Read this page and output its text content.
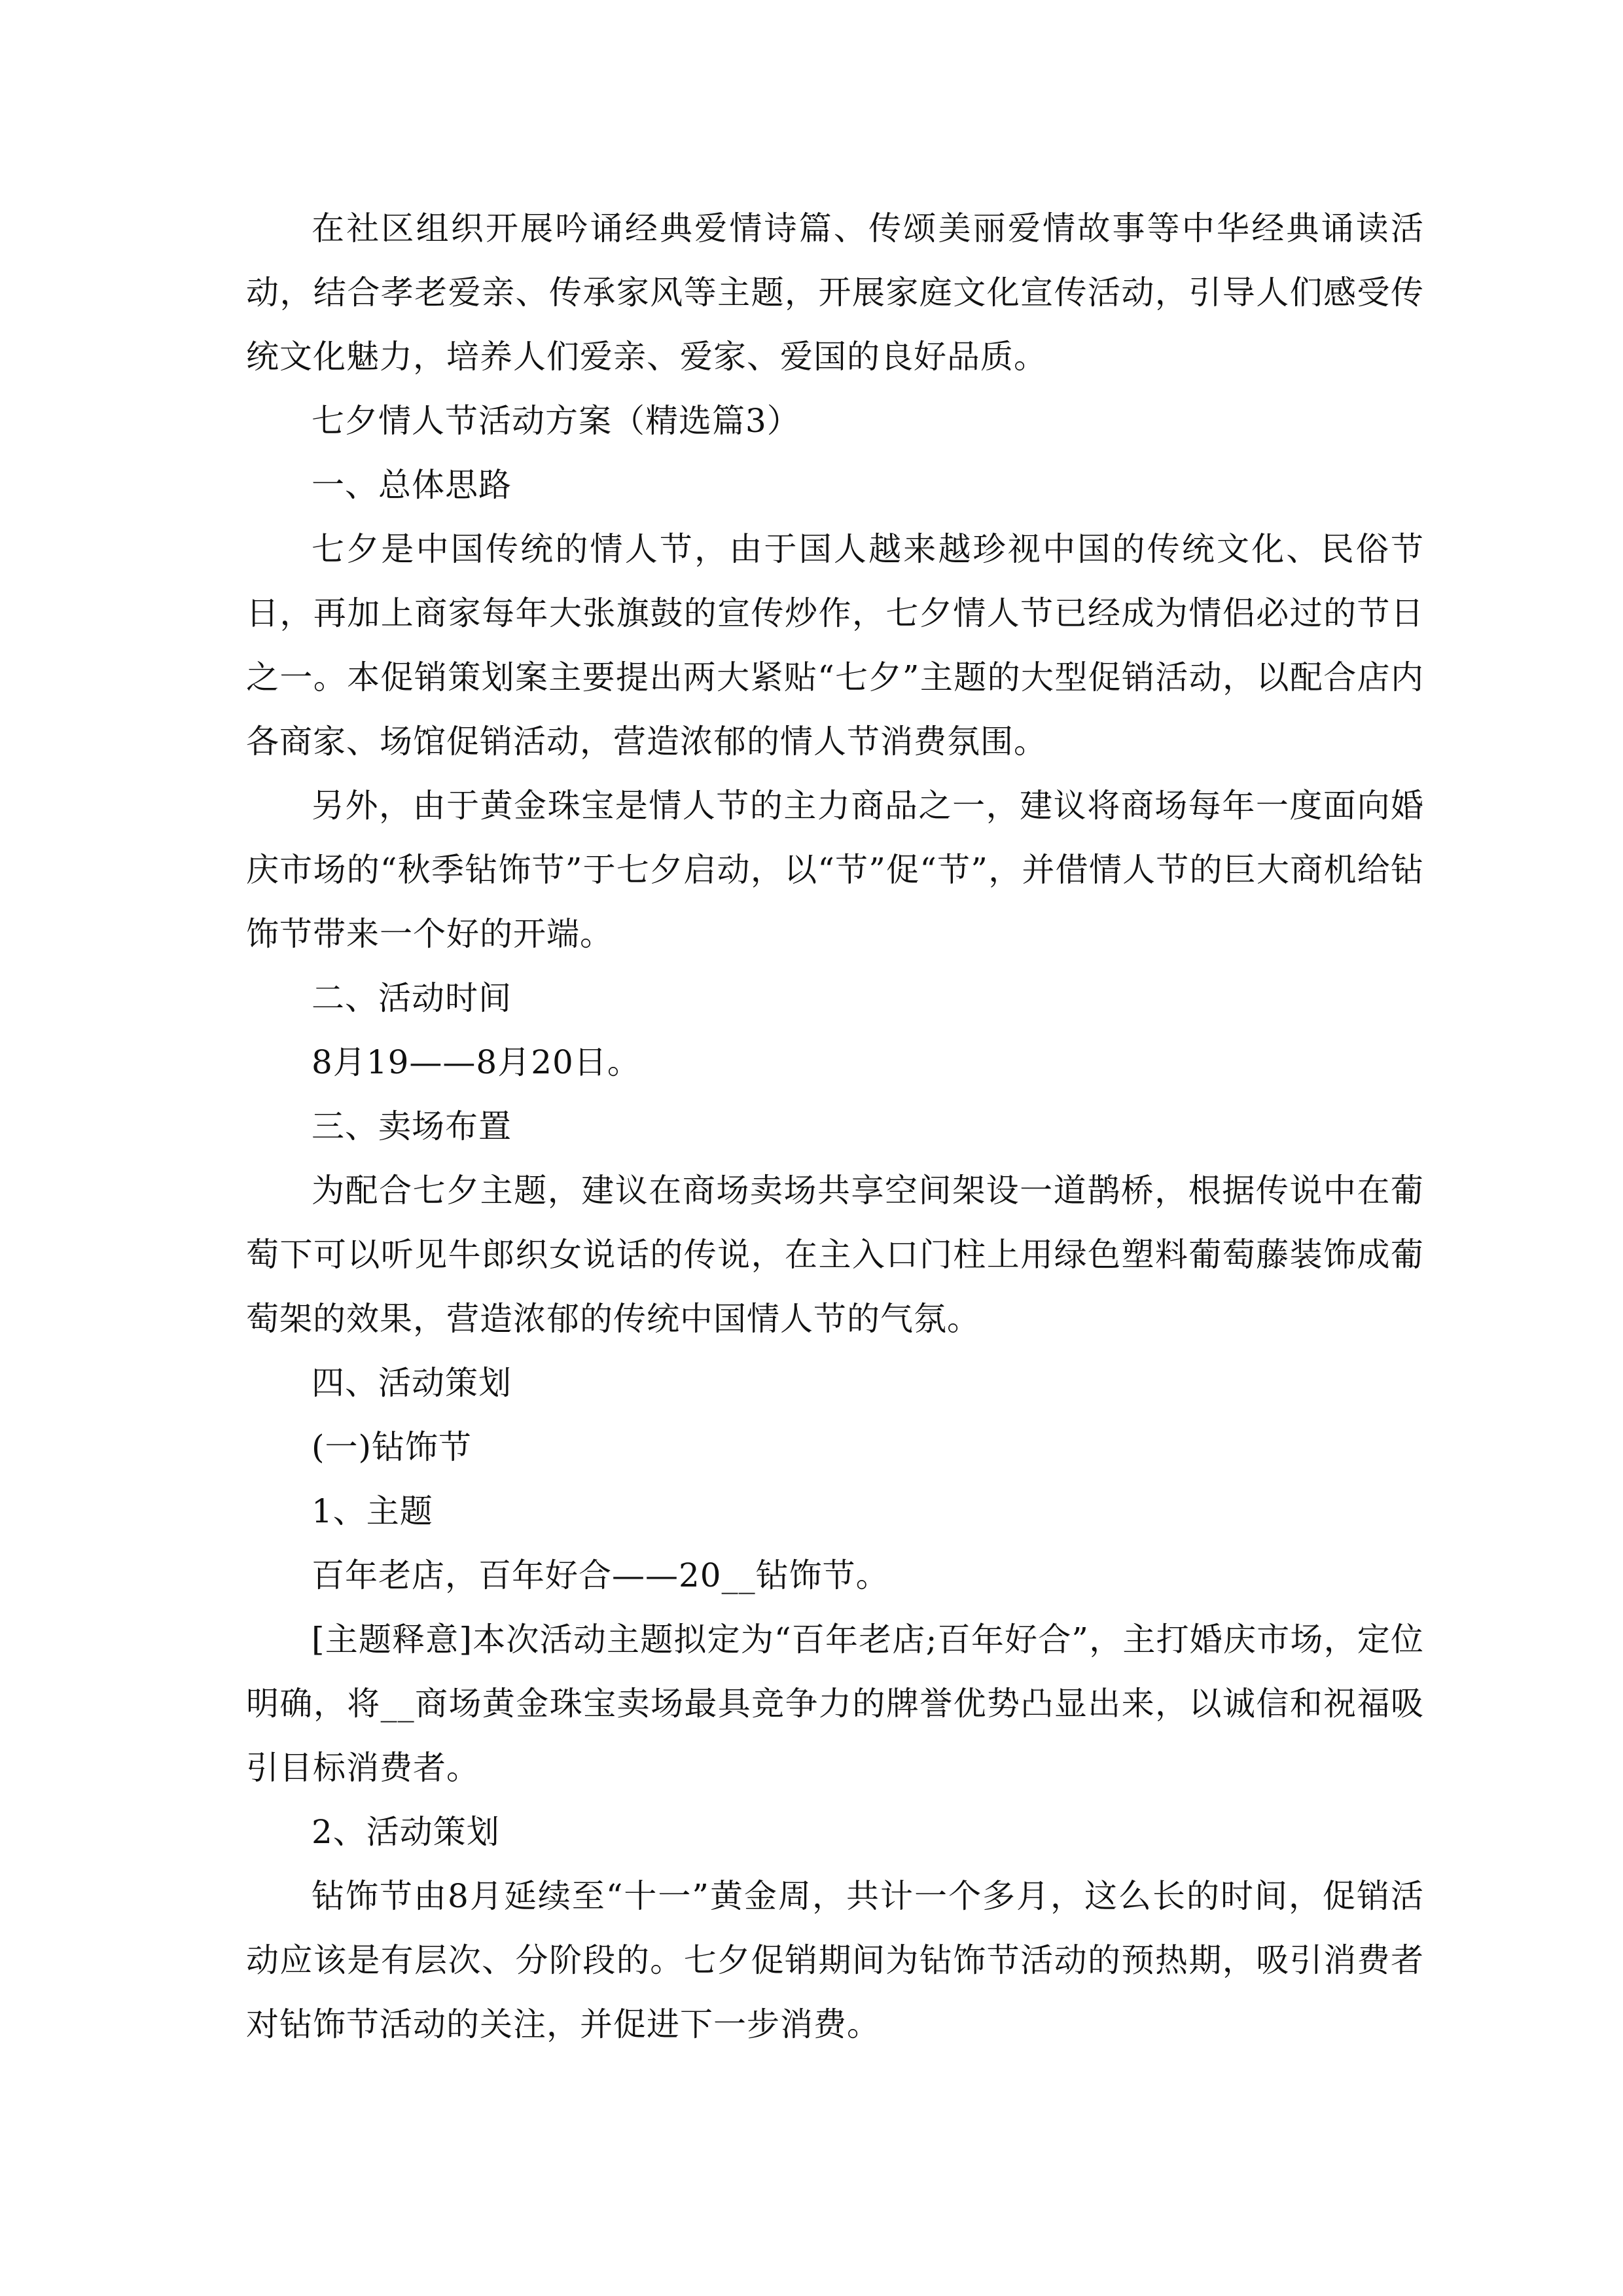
在社区组织开展吟诵经典爱情诗篇、传颂美丽爱情故事等中华经典诵读活动，结合孝老爱亲、传承家风等主题，开展家庭文化宣传活动，引导人们感受传统文化魅力，培养人们爱亲、爱家、爱国的良好品质。

七夕情人节活动方案（精选篇3）

一、总体思路

七夕是中国传统的情人节，由于国人越来越珍视中国的传统文化、民俗节日，再加上商家每年大张旗鼓的宣传炒作，七夕情人节已经成为情侣必过的节日之一。本促销策划案主要提出两大紧贴“七夕”主题的大型促销活动，以配合店内各商家、场馆促销活动，营造浓郁的情人节消费氛围。

另外，由于黄金珠宝是情人节的主力商品之一，建议将商场每年一度面向婚庆市场的“秋季钻饰节”于七夕启动，以“节”促“节”，并借情人节的巨大商机给钻饰节带来一个好的开端。

二、活动时间

8月19——8月20日。

三、卖场布置

为配合七夕主题，建议在商场卖场共享空间架设一道鹊桥，根据传说中在葡萄下可以听见牛郎织女说话的传说，在主入口门柱上用绿色塑料葡萄藤装饰成葡萄架的效果，营造浓郁的传统中国情人节的气氛。

四、活动策划

(一)钻饰节

1、主题

百年老店，百年好合——20__钻饰节。

[主题释意]本次活动主题拟定为“百年老店;百年好合”，主打婚庆市场，定位明确，将__商场黄金珠宝卖场最具竞争力的牌誉优势凸显出来，以诚信和祝福吸引目标消费者。

2、活动策划

钻饰节由8月延续至“十一”黄金周，共计一个多月，这么长的时间，促销活动应该是有层次、分阶段的。七夕促销期间为钻饰节活动的预热期，吸引消费者对钻饰节活动的关注，并促进下一步消费。
